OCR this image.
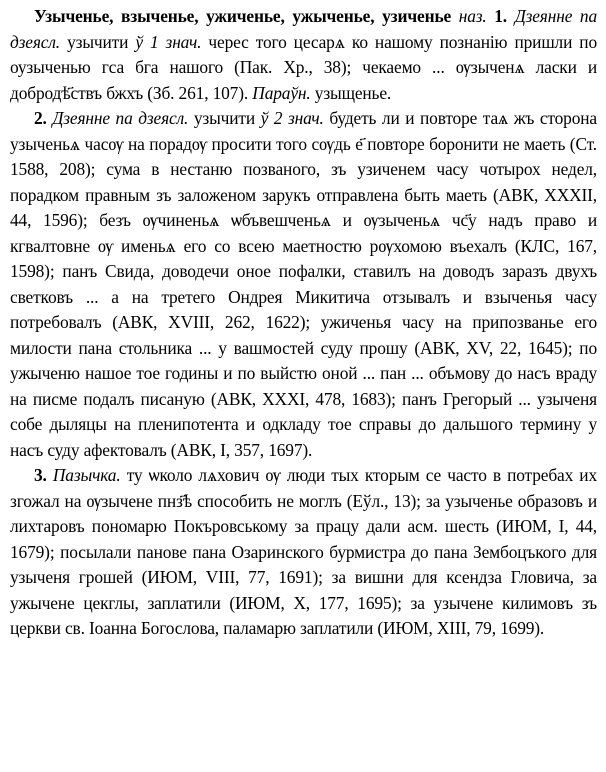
Узыченье, взыченье, ужиченье, ужыченье, узиченье наз. 1. Дзеянне па дзеясл. узычити ў 1 знач. черес того цесарѧ ко нашому познанію пришли по оузыченью гса бга нашого (Пак. Хр., 38); чекаемо ... ѹзыченѧ ласки и добродѣ҃ствъ бжхъ (Зб. 261, 107). Параўн. узыщенье.

2. Дзеянне па дзеясл. узычити ў 2 знач. будеть ли и повторе таѧ жъ сторона узыченьѧ часѹ на порадѹ просити того сѹдь е҃ повторе боронити не маеть (Ст. 1588, 208); сума в нестаню позваного, зъ узиченем часу чотырох недел, порадком правным зъ заложеном зарукъ отправлена быть маеть (АВК, XXXII, 44, 1596); безъ ѹчиненьѧ ѡбъвешченьѧ и ѹзыченьѧ чс҃у надъ право и кгвалтовне ѹ именьѧ его со всею маетностю рѹхомою въехалъ (КЛС, 167, 1598); панъ Свида, доводечи оное пофалки, ставилъ на доводъ заразъ двухъ светковъ ... а на третего Ондрея Микитича отзывалъ и взыченья часу потребовалъ (АВК, XVIII, 262, 1622); ужиченья часу на припозванье его милости пана стольника ... у вашмостей суду прошу (АВК, XV, 22, 1645); по ужыченю нашое тое годины и по выйстю оной ... пан ... объмову до насъ враду на писме подалъ писаную (АВК, XXXI, 478, 1683); панъ Грегорый ... узыченя собе дыляцы на пленипотента и одкладу тое справы до дальшого термину у насъ суду афектовалъ (АВК, I, 357, 1697).

3. Пазычка. ту ѡколо лѧхович ѹ люди тых кторым се часто в потребах их згожал на ѹзычене пнз҃ѣ способить не моглъ (Еўл., 13); за узыченье образовъ и лихтаровъ пономарю Покъровському за працу дали асм. шесть (ИЮМ, I, 44, 1679); посылали панове пана Озаринского бурмистра до пана Зембоцъкого для узыченя грошей (ИЮМ, VIII, 77, 1691); за вишни для ксендза Гловича, за ужычене цекглы, заплатили (ИЮМ, X, 177, 1695); за узычене килимовъ зъ церкви св. Іоанна Богослова, паламарю заплатили (ИЮМ, XIII, 79, 1699).
